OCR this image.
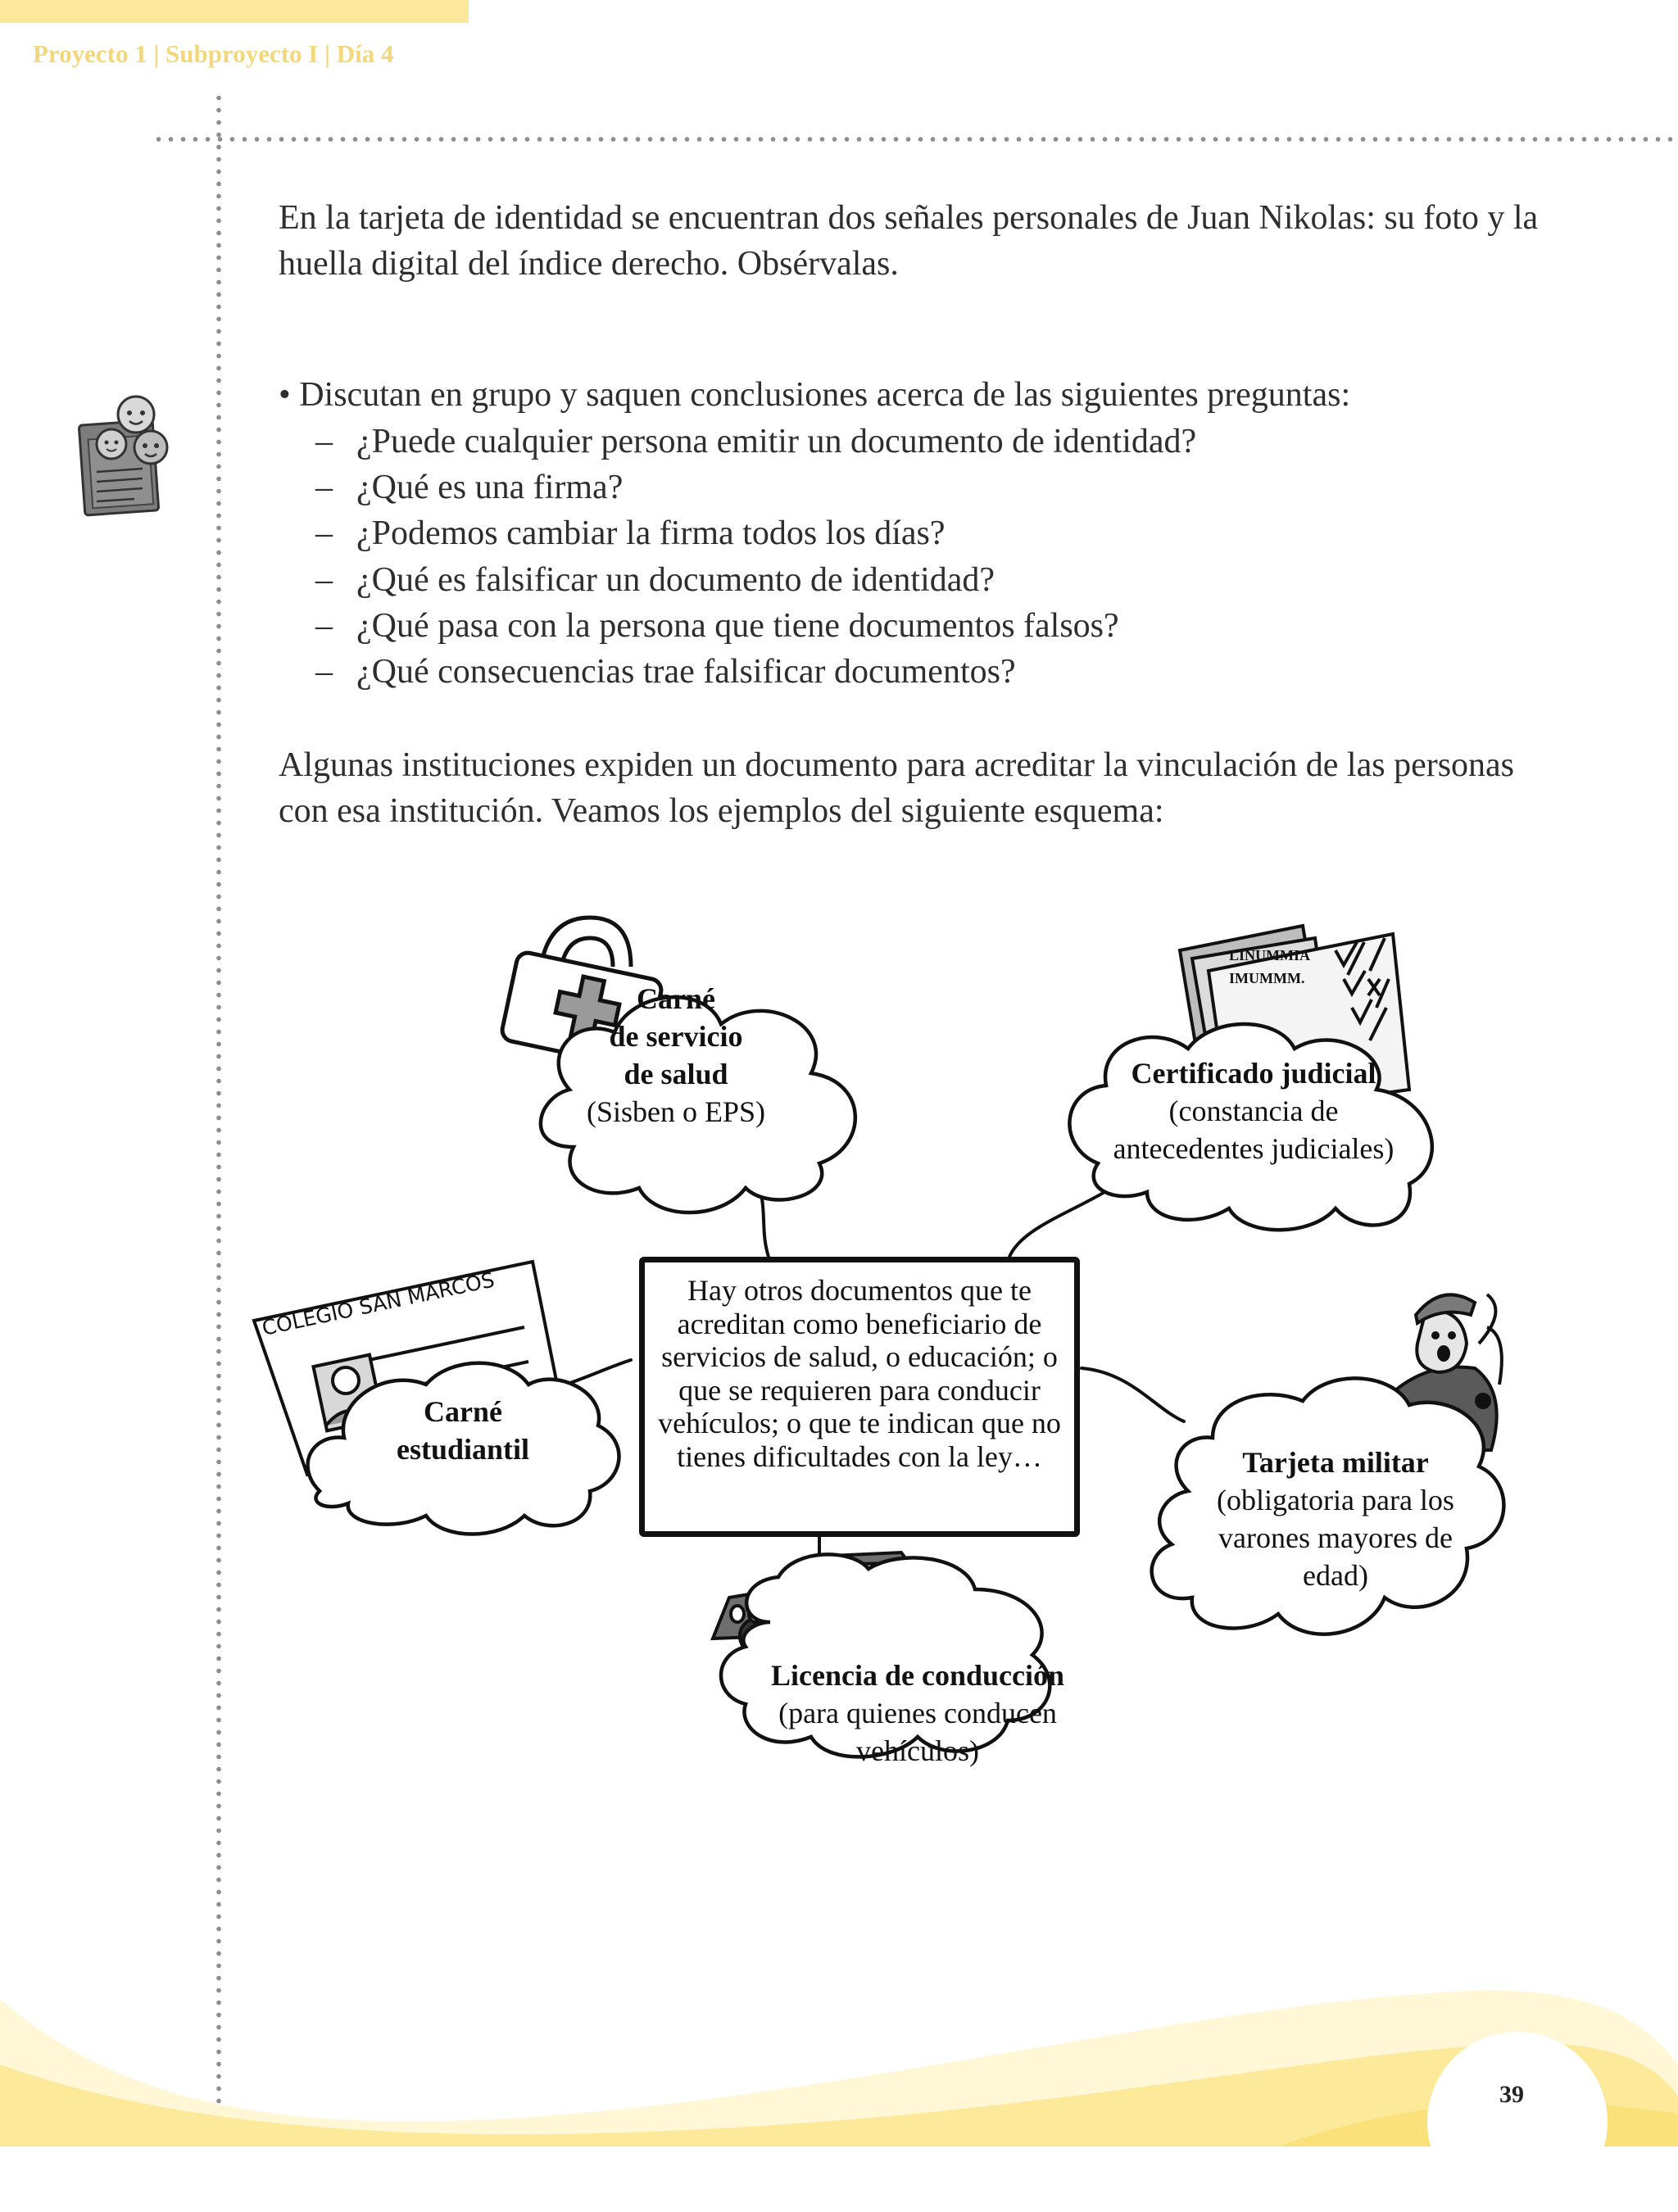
Proyecto 1 | Subproyecto I | Día 4

En la tarjeta de identidad se encuentran dos señales personales de Juan Nikolas: su foto y la huella digital del índice derecho. Obsérvalas.

• Discutan en grupo y saquen conclusiones acerca de las siguientes preguntas:

– ¿Puede cualquier persona emitir un documento de identidad?
– ¿Qué es una firma?
– ¿Podemos cambiar la firma todos los días?
– ¿Qué es falsificar un documento de identidad?
– ¿Qué pasa con la persona que tiene documentos falsos?
– ¿Qué consecuencias trae falsificar documentos?

Algunas instituciones expiden un documento para acreditar la vinculación de las personas con esa institución. Veamos los ejemplos del siguiente esquema:

LINUMMIA
IMUMMM.
COLEGIO SAN MARCOS	Hay otros documentos que te acreditan como beneficiario de servicios de salud, o educación; o que se requieren para conducir vehículos; o que te indican que no tienes dificultades con la ley…
Carné
de servicio
de salud
(Sisben o EPS)
Certificado judicial
(constancia de
antecedentes judiciales)
Carné
estudiantil	Tarjeta militar
(obligatoria para los
varones mayores de
edad)
Licencia de conducción
(para quienes conducen
vehículos)
39
